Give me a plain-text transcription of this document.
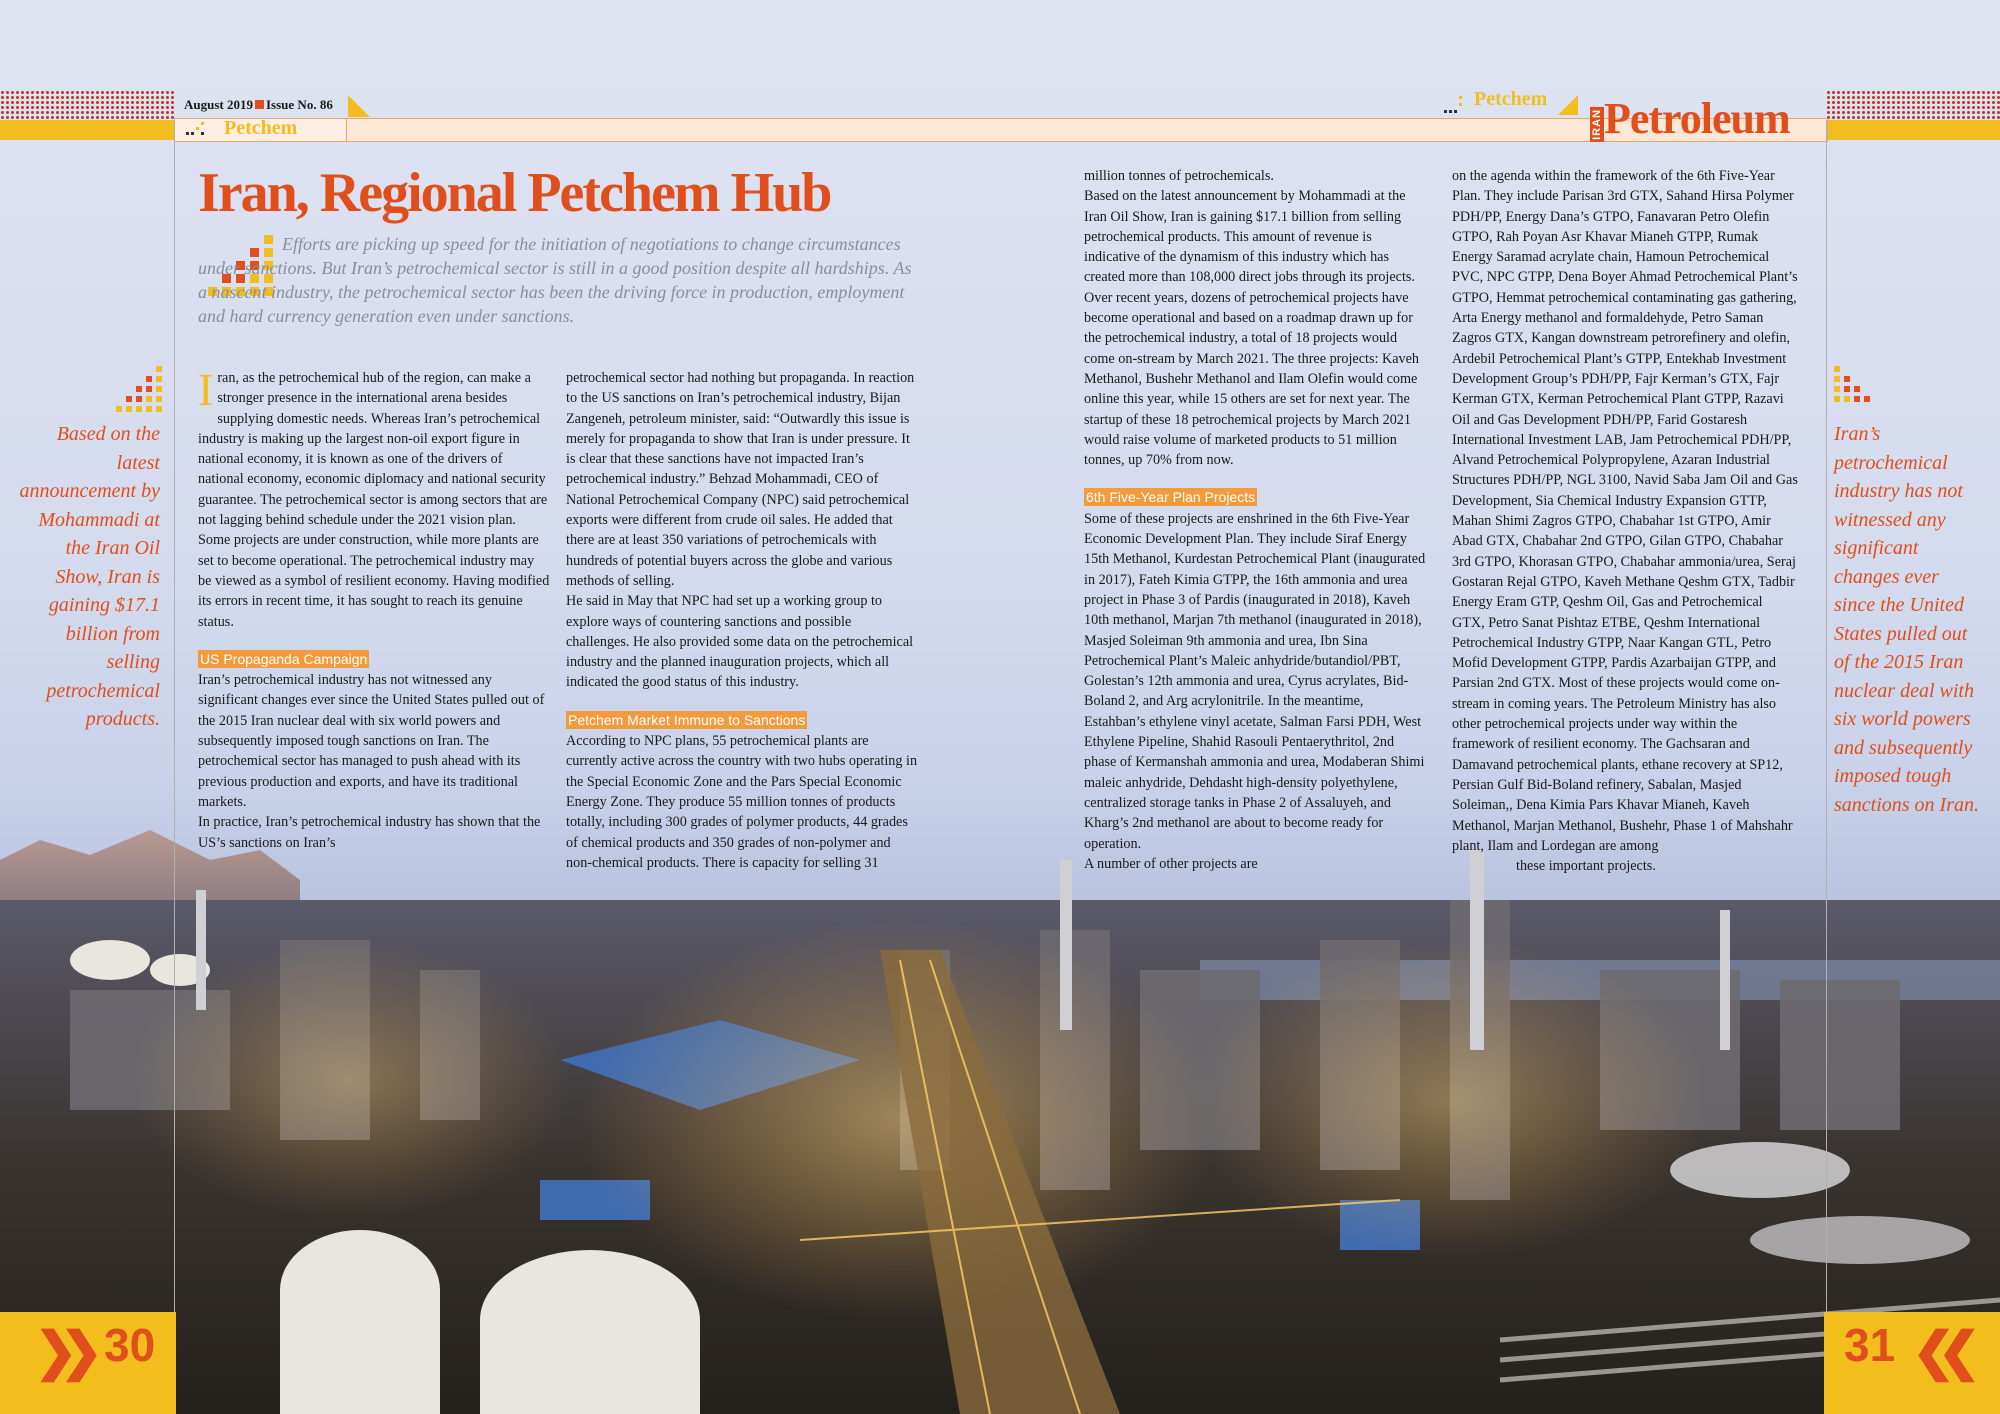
August 2019 Issue No. 86
Petchem
Petchem
IRAN Petroleum
Iran, Regional Petchem Hub

Efforts are picking up speed for the initiation of negotiations to change circumstances under sanctions. But Iran’s petrochemical sector is still in a good position despite all hardships. As a nascent industry, the petrochemical sector has been the driving force in production, employment and hard currency generation even under sanctions.

Based on the latest announcement by Mohammadi at the Iran Oil Show, Iran is gaining $17.1 billion from selling petrochemical products.
Iran’s petrochemical industry has not witnessed any significant changes ever since the United States pulled out of the 2015 Iran nuclear deal with six world powers and subsequently imposed tough sanctions on Iran.

Iran, as the petrochemical hub of the region, can make a stronger presence in the international arena besides supplying domestic needs. Whereas Iran’s petrochemical industry is making up the largest non-oil export figure in national economy, it is known as one of the drivers of national economy, economic diplomacy and national security guarantee. The petrochemical sector is among sectors that are not lagging behind schedule under the 2021 vision plan. Some projects are under construction, while more plants are set to become operational. The petrochemical industry may be viewed as a symbol of resilient economy. Having modified its errors in recent time, it has sought to reach its genuine status.

US Propaganda Campaign

Iran’s petrochemical industry has not witnessed any significant changes ever since the United States pulled out of the 2015 Iran nuclear deal with six world powers and subsequently imposed tough sanctions on Iran. The petrochemical sector has managed to push ahead with its previous production and exports, and have its traditional markets.

In practice, Iran’s petrochemical industry has shown that the US’s sanctions on Iran’s

petrochemical sector had nothing but propaganda. In reaction to the US sanctions on Iran’s petrochemical industry, Bijan Zangeneh, petroleum minister, said: “Outwardly this issue is merely for propaganda to show that Iran is under pressure. It is clear that these sanctions have not impacted Iran’s petrochemical industry.” Behzad Mohammadi, CEO of National Petrochemical Company (NPC) said petrochemical exports were different from crude oil sales. He added that there are at least 350 variations of petrochemicals with hundreds of potential buyers across the globe and various methods of selling.

He said in May that NPC had set up a working group to explore ways of countering sanctions and possible challenges. He also provided some data on the petrochemical industry and the planned inauguration projects, which all indicated the good status of this industry.

Petchem Market Immune to Sanctions

According to NPC plans, 55 petrochemical plants are currently active across the country with two hubs operating in the Special Economic Zone and the Pars Special Economic Energy Zone. They produce 55 million tonnes of products totally, including 300 grades of polymer products, 44 grades of chemical products and 350 grades of non-polymer and non-chemical products. There is capacity for selling 31

million tonnes of petrochemicals.

Based on the latest announcement by Mohammadi at the Iran Oil Show, Iran is gaining $17.1 billion from selling petrochemical products. This amount of revenue is indicative of the dynamism of this industry which has created more than 108,000 direct jobs through its projects. Over recent years, dozens of petrochemical projects have become operational and based on a roadmap drawn up for the petrochemical industry, a total of 18 projects would come on-stream by March 2021. The three projects: Kaveh Methanol, Bushehr Methanol and Ilam Olefin would come online this year, while 15 others are set for next year. The startup of these 18 petrochemical projects by March 2021 would raise volume of marketed products to 51 million tonnes, up 70% from now.

6th Five-Year Plan Projects

Some of these projects are enshrined in the 6th Five-Year Economic Development Plan. They include Siraf Energy 15th Methanol, Kurdestan Petrochemical Plant (inaugurated in 2017), Fateh Kimia GTPP, the 16th ammonia and urea project in Phase 3 of Pardis (inaugurated in 2018), Kaveh 10th methanol, Marjan 7th methanol (inaugurated in 2018), Masjed Soleiman 9th ammonia and urea, Ibn Sina Petrochemical Plant’s Maleic anhydride/butandiol/PBT, Golestan’s 12th ammonia and urea, Cyrus acrylates, Bid-Boland 2, and Arg acrylonitrile. In the meantime, Estahban’s ethylene vinyl acetate, Salman Farsi PDH, West Ethylene Pipeline, Shahid Rasouli Pentaerythritol, 2nd phase of Kermanshah ammonia and urea, Modaberan Shimi maleic anhydride, Dehdasht high-density polyethylene, centralized storage tanks in Phase 2 of Assaluyeh, and Kharg’s 2nd methanol are about to become ready for operation.

A number of other projects are

on the agenda within the framework of the 6th Five-Year Plan. They include Parisan 3rd GTX, Sahand Hirsa Polymer PDH/PP, Energy Dana’s GTPO, Fanavaran Petro Olefin GTPO, Rah Poyan Asr Khavar Mianeh GTPP, Rumak Energy Saramad acrylate chain, Hamoun Petrochemical PVC, NPC GTPP, Dena Boyer Ahmad Petrochemical Plant’s GTPO, Hemmat petrochemical contaminating gas gathering, Arta Energy methanol and formaldehyde, Petro Saman Zagros GTX, Kangan downstream petrorefinery and olefin, Ardebil Petrochemical Plant’s GTPP, Entekhab Investment Development Group’s PDH/PP, Fajr Kerman’s GTX, Fajr Kerman GTX, Kerman Petrochemical Plant GTPP, Razavi Oil and Gas Development PDH/PP, Farid Gostaresh International Investment LAB, Jam Petrochemical PDH/PP, Alvand Petrochemical Polypropylene, Azaran Industrial Structures PDH/PP, NGL 3100, Navid Saba Jam Oil and Gas Development, Sia Chemical Industry Expansion GTTP, Mahan Shimi Zagros GTPO, Chabahar 1st GTPO, Amir Abad GTX, Chabahar 2nd GTPO, Gilan GTPO, Chabahar 3rd GTPO, Khorasan GTPO, Chabahar ammonia/urea, Seraj Gostaran Rejal GTPO, Kaveh Methane Qeshm GTX, Tadbir Energy Eram GTP, Qeshm Oil, Gas and Petrochemical GTX, Petro Sanat Pishtaz ETBE, Qeshm International Petrochemical Industry GTPP, Naar Kangan GTL, Petro Mofid Development GTPP, Pardis Azarbaijan GTPP, and Parsian 2nd GTX. Most of these projects would come on-stream in coming years. The Petroleum Ministry has also other petrochemical projects under way within the framework of resilient economy. The Gachsaran and Damavand petrochemical plants, ethane recovery at SP12, Persian Gulf Bid-Boland refinery, Sabalan, Masjed Soleiman,, Dena Kimia Pars Khavar Mianeh, Kaveh Methanol, Marjan Methanol, Bushehr, Phase 1 of Mahshahr plant, Ilam and Lordegan are among

these important projects.

❯❯ 30	31 ❮❮
